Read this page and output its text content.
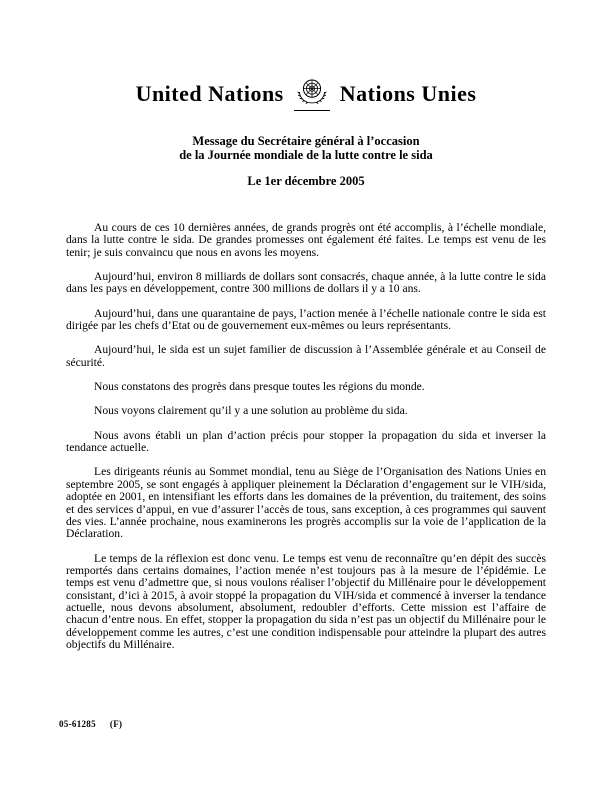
United Nations	Nations Unies
Message du Secrétaire général à l’occasion
de la Journée mondiale de la lutte contre le sida
Le 1er décembre 2005

Au cours de ces 10 dernières années, de grands progrès ont été accomplis, à l’échelle mondiale, dans la lutte contre le sida. De grandes promesses ont également été faites. Le temps est venu de les tenir; je suis convaincu que nous en avons les moyens.

Aujourd’hui, environ 8 milliards de dollars sont consacrés, chaque année, à la lutte contre le sida dans les pays en développement, contre 300 millions de dollars il y a 10 ans.

Aujourd’hui, dans une quarantaine de pays, l’action menée à l’échelle nationale contre le sida est dirigée par les chefs d’Etat ou de gouvernement eux-mêmes ou leurs représentants.

Aujourd’hui, le sida est un sujet familier de discussion à l’Assemblée générale et au Conseil de sécurité.

Nous constatons des progrès dans presque toutes les régions du monde.

Nous voyons clairement qu’il y a une solution au problème du sida.

Nous avons établi un plan d’action précis pour stopper la propagation du sida et inverser la tendance actuelle.

Les dirigeants réunis au Sommet mondial, tenu au Siège de l’Organisation des Nations Unies en septembre 2005, se sont engagés à appliquer pleinement la Déclaration d’engagement sur le VIH/sida, adoptée en 2001, en intensifiant les efforts dans les domaines de la prévention, du traitement, des soins et des services d’appui, en vue d’assurer l’accès de tous, sans exception, à ces programmes qui sauvent des vies. L’année prochaine, nous examinerons les progrès accomplis sur la voie de l’application de la Déclaration.

Le temps de la réflexion est donc venu. Le temps est venu de reconnaître qu’en dépit des succès remportés dans certains domaines, l’action menée n’est toujours pas à la mesure de l’épidémie. Le temps est venu d’admettre que, si nous voulons réaliser l’objectif du Millénaire pour le développement consistant, d’ici à 2015, à avoir stoppé la propagation du VIH/sida et commencé à inverser la tendance actuelle, nous devons absolument, absolument, redoubler d’efforts. Cette mission est l’affaire de chacun d’entre nous. En effet, stopper la propagation du sida n’est pas un objectif du Millénaire pour le développement comme les autres, c’est une condition indispensable pour atteindre la plupart des autres objectifs du Millénaire.

05-61285 (F)
